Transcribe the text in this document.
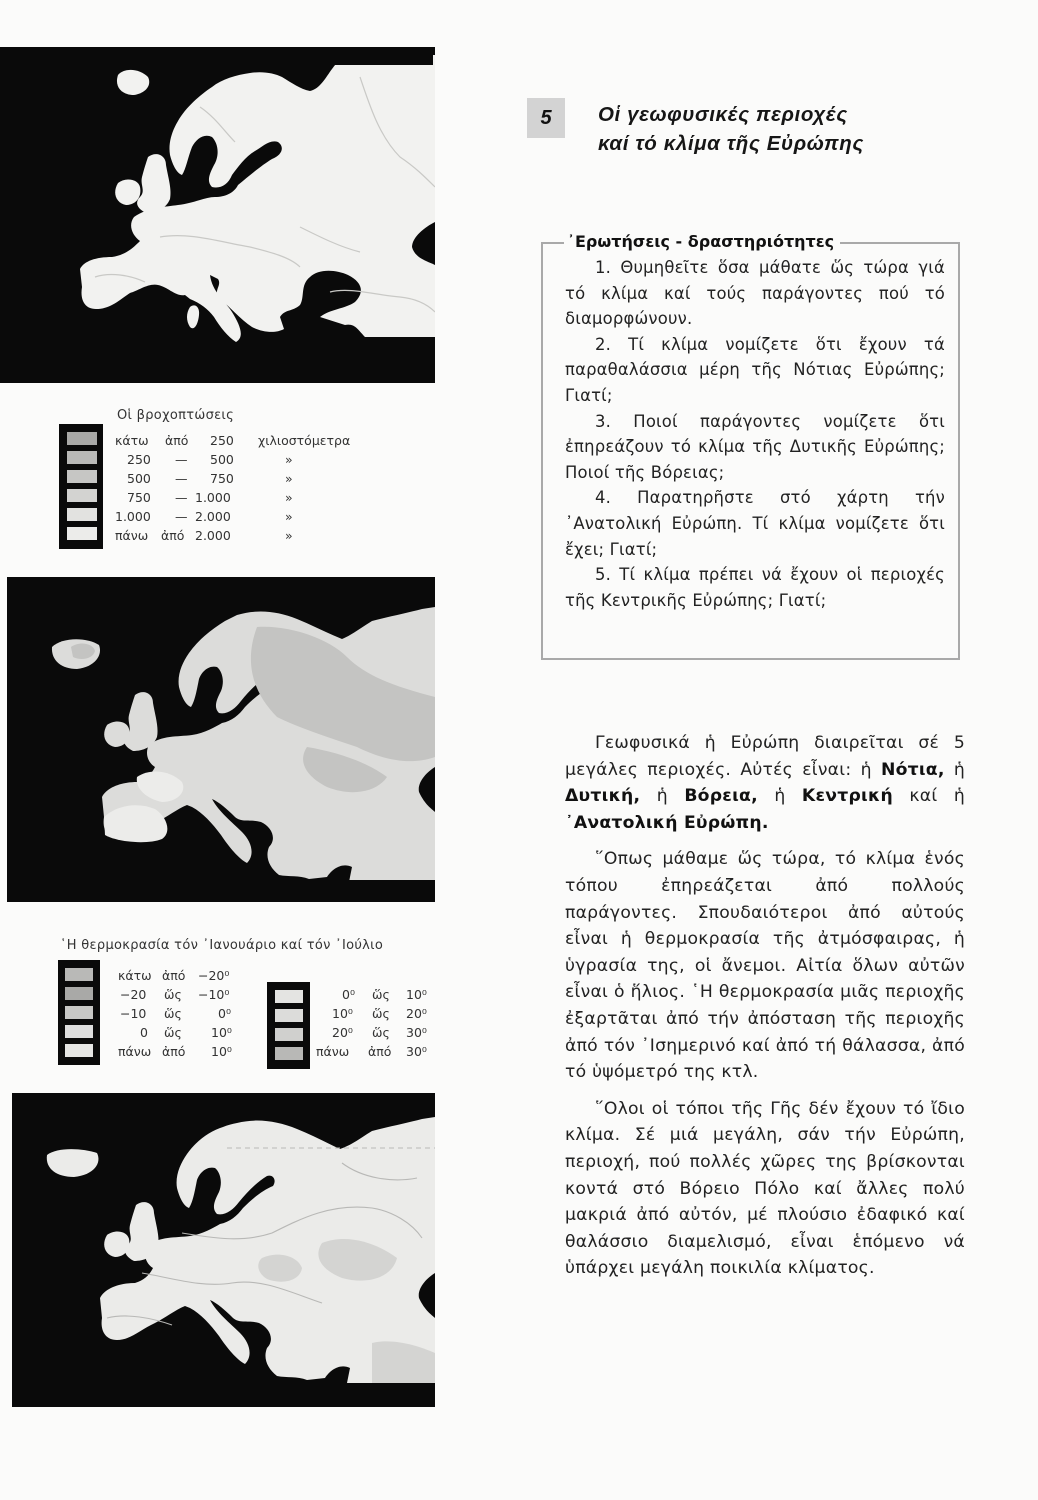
Οἱ βροχοπτώσεις
κάτω ἀπό 250 χιλιοστόμετρα
250 — 500	»
500 — 750	»
750 — 1.000	»
1.000 — 2.000	»
πάνω ἀπό 2.000	»
῾Η θερμοκρασία τόν ᾽Ιανουάριο καί τόν ᾽Ιούλιο
κάτω ἀπό −20⁰
−20 ὥς −10⁰
−10 ὥς	0⁰
0 ὥς 10⁰
πάνω ἀπό 10⁰
0⁰ ὥς 10⁰
10⁰ ὥς 20⁰
20⁰ ὥς 30⁰
πάνω ἀπό 30⁰
5	Οἱ γεωφυσικές περιοχές
καί τό κλίμα τῆς Εὐρώπης
᾽Ερωτήσεις - δραστηριότητες

1. Θυμηθεῖτε ὅσα μάθατε ὥς τώρα γιά τό κλίμα καί τούς παράγοντες πού τό διαμορφώνουν.

2. Τί κλίμα νομίζετε ὅτι ἔχουν τά παραθαλάσσια μέρη τῆς Νότιας Εὐρώπης; Γιατί;

3. Ποιοί παράγοντες νομίζετε ὅτι ἐπηρεάζουν τό κλίμα τῆς Δυτικῆς Εὐρώπης; Ποιοί τῆς Βόρειας;

4. Παρατηρῆστε στό χάρτη τήν ᾽Ανατολική Εὐρώπη. Τί κλίμα νομίζετε ὅτι ἔχει; Γιατί;

5. Τί κλίμα πρέπει νά ἔχουν οἱ περιοχές τῆς Κεντρικῆς Εὐρώπης; Γιατί;

Γεωφυσικά ἡ Εὐρώπη διαιρεῖται σέ 5 μεγάλες περιοχές. Αὐτές εἶναι: ἡ Νότια, ἡ Δυτική, ἡ Βόρεια, ἡ Κεντρική καί ἡ ᾽Ανατολική Εὐρώπη.

῞Οπως μάθαμε ὥς τώρα, τό κλίμα ἑνός τόπου ἐπηρεάζεται ἀπό πολλούς παράγοντες. Σπουδαιότεροι ἀπό αὐτούς εἶναι ἡ θερμοκρασία τῆς ἀτμόσφαιρας, ἡ ὑγρασία της, οἱ ἄνεμοι. Αἰτία ὅλων αὐτῶν εἶναι ὁ ἥλιος. ῾Η θερμοκρασία μιᾶς περιοχῆς ἐξαρτᾶται ἀπό τήν ἀπόσταση τῆς περιοχῆς ἀπό τόν ᾽Ισημερινό καί ἀπό τή θάλασσα, ἀπό τό ὑψόμετρό της κτλ.

῞Ολοι οἱ τόποι τῆς Γῆς δέν ἔχουν τό ἴδιο κλίμα. Σέ μιά μεγάλη, σάν τήν Εὐρώπη, περιοχή, πού πολλές χῶρες της βρίσκονται κοντά στό Βόρειο Πόλο καί ἄλλες πολύ μακριά ἀπό αὐτόν, μέ πλούσιο ἐδαφικό καί θαλάσσιο διαμελισμό, εἶναι ἑπόμενο νά ὑπάρχει μεγάλη ποικιλία κλίματος.
